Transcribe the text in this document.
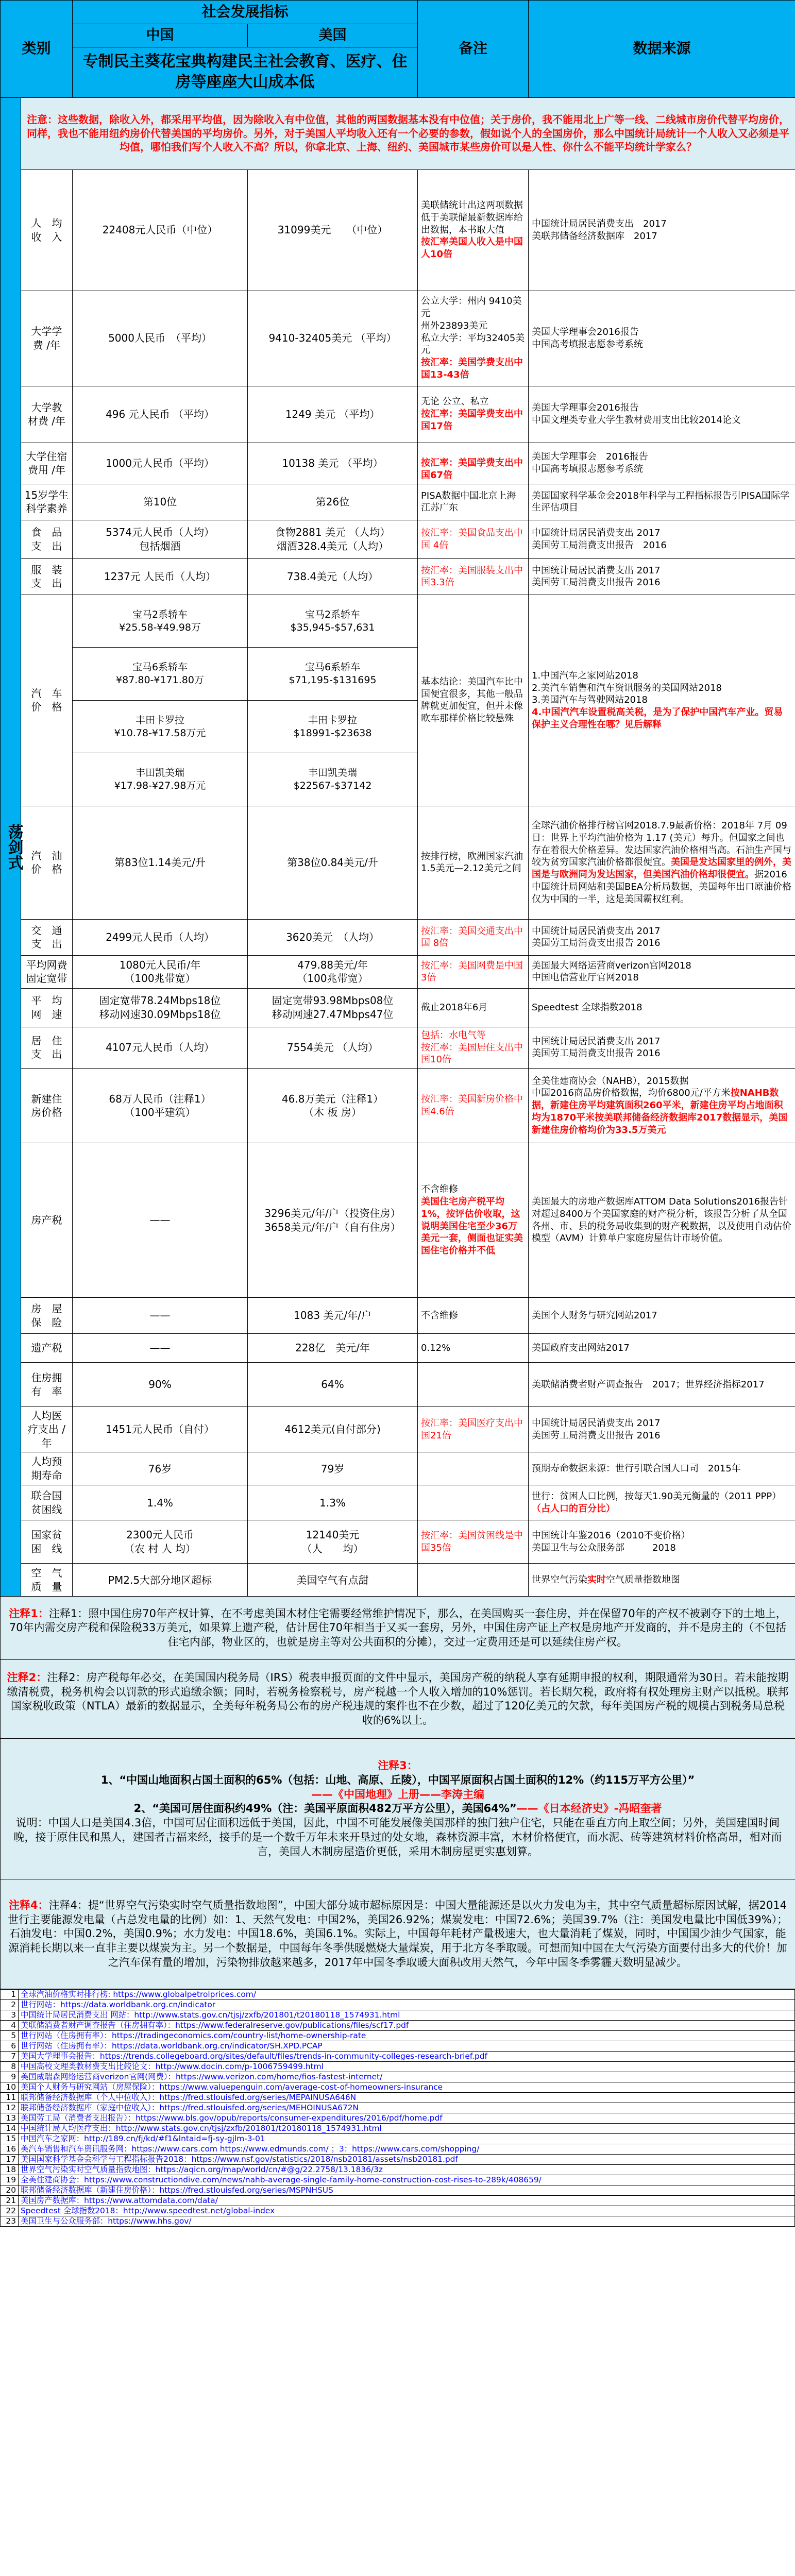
类别		社会发展指标		备注	数据来源
		中国	美国		
		专制民主葵花宝典构建民主社会教育、医疗、住房等座座大山成本低			

荡剑式	注意：这些数据，除收入外，都采用平均值，因为除收入有中位值，其他的两国数据基本没有中位值；关于房价，我不能用北上广等一线、二线城市房价代替平均房价，同样，我也不能用纽约房价代替美国的平均房价。另外，对于美国人平均收入还有一个必要的参数，假如说个人的全国房价，那么中国统计局统计一个人收入又必须是平均值，哪怕我们写个人收入不高？所以，你拿北京、上海、纽约、美国城市某些房价可以是人性、你什么不能平均统计学家么？				
	人　均
收　入	22408元人民币（中位）	31099美元　　（中位）	美联储统计出这两项数据低于美联储最新数据库给出数据，本书取大值
按汇率美国人收入是中国人10倍	中国统计局居民消费支出　2017
美联邦储备经济数据库　2017
	大学学
费 /年	5000人民币　（平均）	9410-32405美元 （平均）	公立大学：州内 9410美元
州外23893美元
私立大学：平均32405美元
按汇率：美国学费支出中国13-43倍	美国大学理事会2016报告
中国高考填报志愿参考系统
	大学教
材费 /年	496 元人民币 （平均）	1249 美元 （平均）	无论 公立、私立
按汇率：美国学费支出中国17倍	美国大学理事会2016报告
中国文理类专业大学生教材费用支出比较2014论文
	大学住宿
费用 /年	1000元人民币（平均）	10138 美元 （平均）	按汇率：美国学费支出中国67倍	美国大学理事会　2016报告
中国高考填报志愿参考系统
	15岁学生
科学素养	第10位	第26位	PISA数据中国北京上海江苏广东	美国国家科学基金会2018年科学与工程指标报告引PISA国际学生评估项目
	食　品
支　出	5374元人民币（人均）
包括烟酒	食物2881 美元 （人均）
烟酒328.4美元（人均）	按汇率：美国食品支出中国 4倍	中国统计局居民消费支出 2017
美国劳工局消费支出报告　2016
	服　装
支　出	1237元 人民币（人均）	738.4美元（人均）	按汇率：美国服装支出中国3.3倍	中国统计局居民消费支出 2017
美国劳工局消费支出报告 2016
	汽　车
价　格	宝马2系轿车
¥25.58-¥49.98万	宝马2系轿车
$35,945-$57,631	基本结论：美国汽车比中国便宜很多，其他一般品牌就更加便宜，但并未像欧车那样价格比较悬殊	1.中国汽车之家网站2018
2.美汽车销售和汽车资讯服务的美国网站2018
3.美国汽车与驾驶网站2018
4.中国汽汽车设置税高关税，是为了保护中国汽车产业。贸易保护主义合理性在哪？见后解释
		宝马6系轿车
¥87.80-¥171.80万	宝马6系轿车
$71,195-$131695		
		丰田卡罗拉
¥10.78-¥17.58万元	丰田卡罗拉
$18991-$23638		
		丰田凯美瑞
¥17.98-¥27.98万元	丰田凯美瑞
$22567-$37142		
	汽　油
价　格	第83位1.14美元/升	第38位0.84美元/升	按排行榜，欧洲国家汽油1.5美元—2.12美元之间	全球汽油价格排行榜官网2018.7.9最新价格：2018年 7月 09日：世界上平均汽油价格为 1.17 (美元）每升。但国家之间也存在着很大价格差异。发达国家汽油价格相当高。石油生产国与较为贫穷国家汽油价格都很便宜。美国是发达国家里的例外，美国是与欧洲同为发达国家，但美国汽油价格却很便宜。据2016中国统计局网站和美国BEA分析局数据，美国每年出口原油价格仅为中国的一半，这是美国霸权红利。
	交　通
支　出	2499元人民币（人均）	3620美元　（人均）	按汇率：美国交通支出中国 8倍	中国统计局居民消费支出 2017
美国劳工局消费支出报告 2016
	平均网费
固定宽带	1080元人民币/年
（100兆带宽）	479.88美元/年
（100兆带宽）	按汇率：美国网费是中国 3倍	美国最大网络运营商verizon官网2018
中国电信营业厅官网2018
	平　均
网　速	固定宽带78.24Mbps18位
移动网速30.09Mbps18位	固定宽带93.98Mbps08位
移动网速27.47Mbps47位	截止2018年6月	Speedtest 全球指数2018
	居　住
支　出	4107元人民币（人均）	7554美元 （人均）	包括：水电气等
按汇率：美国居住支出中国10倍	中国统计局居民消费支出 2017
美国劳工局消费支出报告 2016
	新建住
房价格	68万人民币（注释1）
（100平建筑）	46.8万美元（注释1）
（木 板 房）	按汇率：美国新房价格中国4.6倍	全美住建商协会（NAHB），2015数据
中国2016商品房价格数据，均价6800元/平方米按NAHB数据，新建住房平均建筑面积260平米，新建住房平均占地面积均为1870平米按美联邦储备经济数据库2017数据显示，美国新建住房价格均价为33.5万美元
	房产税	——	3296美元/年/户（投资住房）
3658美元/年/户（自有住房）	不含维修
美国住宅房产税平均1%，按评估价收取，这说明美国住宅至少36万美元一套，侧面也证实美国住宅价格并不低	美国最大的房地产数据库ATTOM Data Solutions2016报告针对超过8400万个美国家庭的财产税分析，该报告分析了从全国各州、市、县的税务局收集到的财产税数据，以及使用自动估价模型（AVM）计算单户家庭房屋估计市场价值。
	房　屋
保　险	——	1083 美元/年/户	不含维修	美国个人财务与研究网站2017
	遗产税	——	228亿　美元/年	0.12%	美国政府支出网站2017
	住房拥
有　率	90%	64%		美联储消费者财产调查报告　2017；世界经济指标2017
	人均医
疗支出 /年	1451元人民币（自付）	4612美元(自付部分)	按汇率：美国医疗支出中国21倍	中国统计局居民消费支出 2017
美国劳工局消费支出报告 2016
	人均预
期寿命	76岁	79岁		预期寿命数据来源：世行引联合国人口司　2015年
	联合国
贫困线	1.4%	1.3%		世行：贫困人口比例，按每天1.90美元衡量的（2011 PPP）（占人口的百分比）
	国家贫
困　线	2300元人民币
（农 村 人 均）	12140美元
（人　　均）	按汇率：美国贫困线是中国35倍	中国统计年鉴2016（2010不变价格）
美国卫生与公众服务部　　　2018
	空　气
质　量	PM2.5大部分地区超标	美国空气有点甜		世界空气污染实时空气质量指数地图
注释1：注释1：照中国住房70年产权计算，在不考虑美国木材住宅需要经常维护情况下，那么，在美国购买一套住房，并在保留70年的产权不被剥夺下的土地上，70年内需交房产税和保险税33万美元，如果算上遗产税，估计居住70年相当于又买一套房，另外，中国住房产证上产权是房地产开发商的，并不是房主的（不包括住宅内部，物业区的，也就是房主等对公共面积的分摊），交过一定费用还是可以延续住房产权。
注释2：注释2：房产税每年必交，在美国国内税务局（IRS）税表申报页面的文件中显示，美国房产税的纳税人享有延期申报的权利，期限通常为30日。若未能按期缴清税费，税务机构会以罚款的形式追缴余额；同时，若税务检察税号，房产税越一个人收入增加的10%惩罚。若长期欠税，政府将有权处理房主财产以抵税。联邦国家税收政策（NTLA）最新的数据显示，全美每年税务局公布的房产税违规的案件也不在少数，超过了120亿美元的欠款，每年美国房产税的规模占到税务局总税收的6%以上。

注释3：
1、“中国山地面积占国土面积的65%（包括：山地、高原、丘陵），中国平原面积占国土面积的12%（约115万平方公里）”
——《中国地理》上册——李涛主编
2、“美国可居住面积约49%（注：美国平原面积482万平方公里），美国64%”——《日本经济史》-冯昭奎著
说明：中国人口是美国4.3倍，中国可居住面积远低于美国，因此，中国不可能发展像美国那样的独门独户住宅，只能在垂直方向上取空间；另外，美国建国时间晚，接于原住民和黑人，建国者吉福来经，接手的是一个数千万年未来开垦过的处女地，森林资源丰富，木材价格便宜，而水泥、砖等建筑材料价格高昂，相对而言，美国人木制房屋造价更低，采用木制房屋更实惠划算。

注释4：注释4：提“世界空气污染实时空气质量指数地图”，中国大部分城市超标原因是：中国大量能源还是以火力发电为主，其中空气质量超标原因试解，据2014世行主要能源发电量（占总发电量的比例）如：1、天然气发电：中国2%，美国26.92%；煤炭发电：中国72.6%；美国39.7%（注：美国发电量比中国低39%）；石油发电：中国0.2%，美国0.9%；水力发电：中国18.6%，美国6.1%。实际上，中国每年耗材产量极速大，也大量消耗了煤炭，同时，中国国少油少气国家，能源消耗长期以来一直非主要以煤炭为主。另一个数据是，中国每年冬季供暖燃烧大量煤炭，用于北方冬季取暖。可想而知中国在大气污染方面要付出多大的代价！加之汽车保有量的增加，污染物排放越来越多，2017年中国冬季取暖大面积改用天然气，今年中国冬季雾霾天数明显减少。
1	全球汽油价格实时排行榜: https://www.globalpetrolprices.com/
2	世行网站：https://data.worldbank.org.cn/indicator
3	中国统计局居民消费支出 网站：http://www.stats.gov.cn/tjsj/zxfb/201801/t20180118_1574931.html
4	美联储消费者财产调查报告（住房拥有率）：https://www.federalreserve.gov/publications/files/scf17.pdf
5	世行网站（住房拥有率）：https://tradingeconomics.com/country-list/home-ownership-rate
6	世行网站（住房拥有率）：https://data.worldbank.org.cn/indicator/SH.XPD.PCAP
7	美国大学理事会报告：https://trends.collegeboard.org/sites/default/files/trends-in-community-colleges-research-brief.pdf
8	中国高校文理类教材费支出比较论文：http://www.docin.com/p-1006759499.html
9	美国威瑞森网络运营商verizon官网(网费）：https://www.verizon.com/home/fios-fastest-internet/
10	美国个人财务与研究网站（房屋保险）：https://www.valuepenguin.com/average-cost-of-homeowners-insurance
11	联邦储备经济数据库（个人中位收入）：https://fred.stlouisfed.org/series/MEPAINUSA646N
12	联邦储备经济数据库（家庭中位收入）：https://fred.stlouisfed.org/series/MEHOINUSA672N
13	美国劳工局（消费者支出报告）：https://www.bls.gov/opub/reports/consumer-expenditures/2016/pdf/home.pdf
14	中国统计局人均医疗支出：http://www.stats.gov.cn/tjsj/zxfb/201801/t20180118_1574931.html
15	中国汽车之家网：http://189.cn/fj/kd/#f1&lntaid=fj-sy-gjlm-3-01
16	美汽车销售和汽车资讯服务网：https://www.cars.com https://www.edmunds.com/ ；3：https://www.cars.com/shopping/
17	美国国家科学基金会科学与工程指标报告2018：https://www.nsf.gov/statistics/2018/nsb20181/assets/nsb20181.pdf
18	世界空气污染实时空气质量指数地图：https://aqicn.org/map/world/cn/#@g/22.2758/13.1836/3z
19	全美住建商协会：https://www.constructiondive.com/news/nahb-average-single-family-home-construction-cost-rises-to-289k/408659/
20	联邦储备经济数据库（新建住房价格）：https://fred.stlouisfed.org/series/MSPNHSUS
21	美国房产数据库：https://www.attomdata.com/data/
22	Speedtest 全球指数2018：http://www.speedtest.net/global-index
23	美国卫生与公众服务部：https://www.hhs.gov/
